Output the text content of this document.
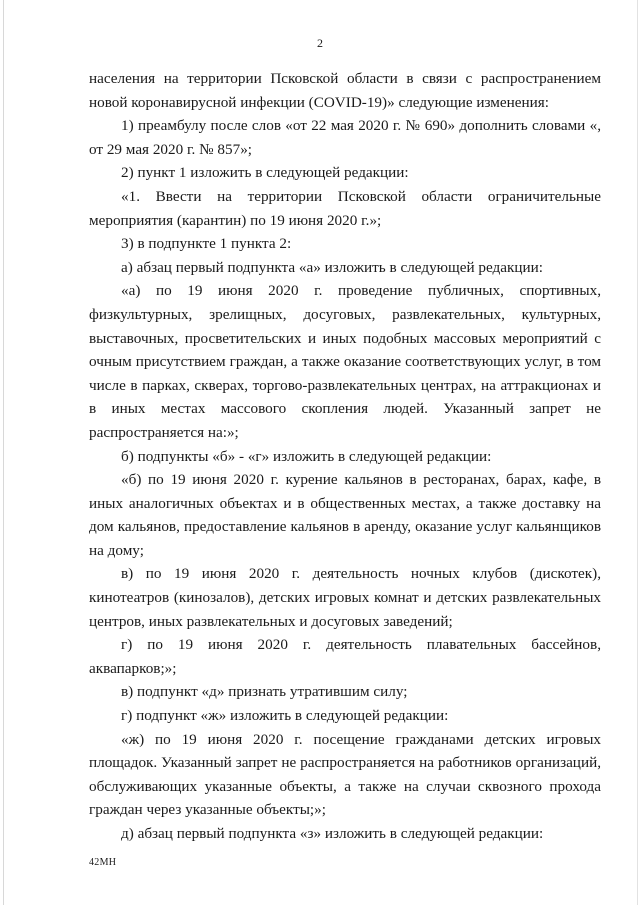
2

населения на территории Псковской области в связи с распространением новой коронавирусной инфекции (COVID-19)» следующие изменения:

1) преамбулу после слов «от 22 мая 2020 г. № 690» дополнить словами «, от 29 мая 2020 г. № 857»;

2) пункт 1 изложить в следующей редакции:

«1. Ввести на территории Псковской области ограничительные мероприятия (карантин) по 19 июня 2020 г.»;

3) в подпункте 1 пункта 2:

а) абзац первый подпункта «а» изложить в следующей редакции:

«а) по 19 июня 2020 г. проведение публичных, спортивных, физкультурных, зрелищных, досуговых, развлекательных, культурных, выставочных, просветительских и иных подобных массовых мероприятий с очным присутствием граждан, а также оказание соответствующих услуг, в том числе в парках, скверах, торгово-развлекательных центрах, на аттракционах и в иных местах массового скопления людей. Указанный запрет не распространяется на:»;

б) подпункты «б» - «г» изложить в следующей редакции:

«б) по 19 июня 2020 г. курение кальянов в ресторанах, барах, кафе, в иных аналогичных объектах и в общественных местах, а также доставку на дом кальянов, предоставление кальянов в аренду, оказание услуг кальянщиков на дому;

в) по 19 июня 2020 г. деятельность ночных клубов (дискотек), кинотеатров (кинозалов), детских игровых комнат и детских развлекательных центров, иных развлекательных и досуговых заведений;

г) по 19 июня 2020 г. деятельность плавательных бассейнов, аквапарков;»;

в) подпункт «д» признать утратившим силу;

г) подпункт «ж» изложить в следующей редакции:

«ж) по 19 июня 2020 г. посещение гражданами детских игровых площадок. Указанный запрет не распространяется на работников организаций, обслуживающих указанные объекты, а также на случаи сквозного прохода граждан через указанные объекты;»;

д) абзац первый подпункта «з» изложить в следующей редакции:

42МН
